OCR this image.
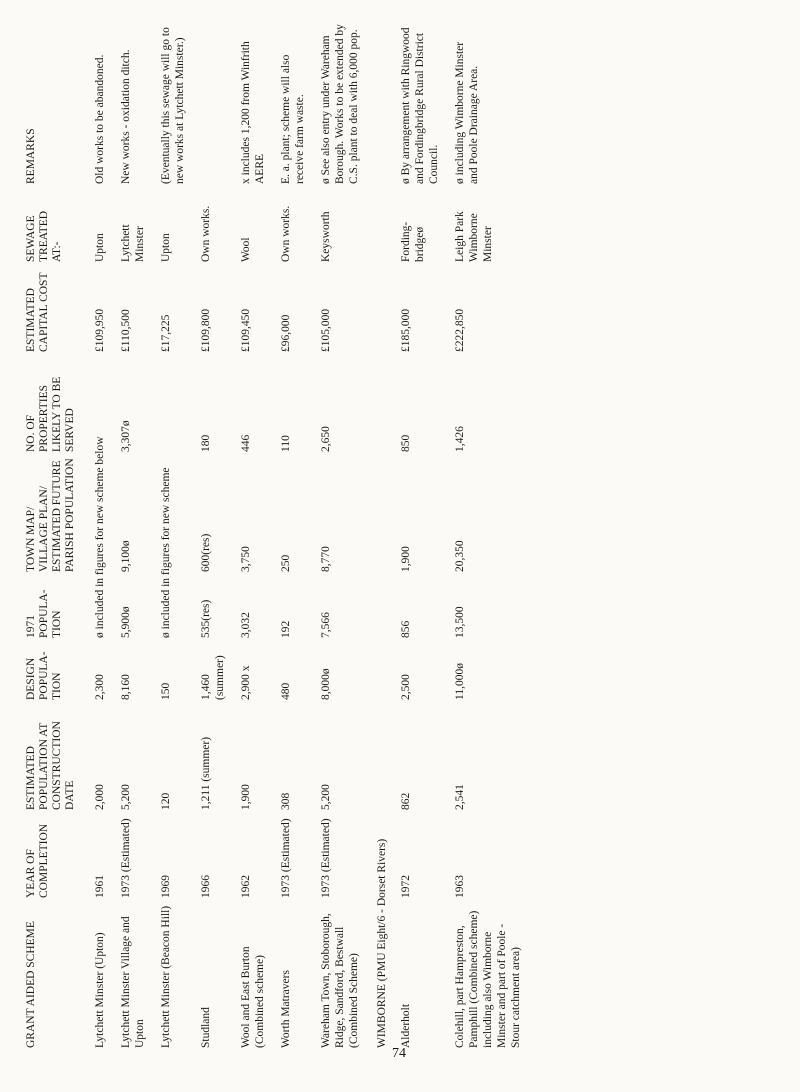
GRANT AIDED SCHEME	YEAR OF COMPLETION	ESTIMATED POPULATION AT CONSTRUCTION DATE	DESIGN POPULA-TION	1971 POPULA-TION	TOWN MAP/ VILLAGE PLAN/ ESTIMATED FUTURE PARISH POPULATION	NO. OF PROPERTIES LIKELY TO BE SERVED	ESTIMATED CAPITAL COST	SEWAGE TREATED AT:-	REMARKS
Lytchett Minster (Upton)	1961	2,000	2,300	ø included in figures for new scheme below			£109,950	Upton	Old works to be abandoned.
Lytchett Minster Village and Upton	1973 (Estimated)	5,200	8,160	5,900ø	9,100ø	3,307ø	£110,500	Lytchett Minster	New works - oxidation ditch.
Lytchett Minster (Beacon Hill)	1969	120	150	ø included in figures for new scheme			£17,225	Upton	(Eventually this sewage will go to new works at Lytchett Minster.)
Studland	1966	1,211 (summer)	1,460 (summer)	535(res)	600(res)	180	£109,800	Own works.	
Wool and East Burton (Combined scheme)	1962	1,900	2,900 x	3,032	3,750	446	£109,450	Wool	x includes 1,200 from Winfrith AERE
Worth Matravers	1973 (Estimated)	308	480	192	250	110	£96,000	Own works.	E. a. plant; scheme will also receive farm waste.
Wareham Town, Stoborough, Ridge, Sandford, Bestwall (Combined Scheme)	1973 (Estimated)	5,200	8,000ø	7,566	8,770	2,650	£105,000	Keysworth	ø See also entry under Wareham Borough. Works to be extended by C.S. plant to deal with 6,000 pop.
WIMBORNE (PMU Eight/6 - Dorset Rivers)									
Alderholt	1972	862	2,500	856	1,900	850	£185,000	Fording-bridgeø	ø By arrangement with Ringwood and Fordingbridge Rural District Council.
Colehill, part Hampreston, Pamphill (Combined scheme) including also Wimborne Minster and part of Poole - Stour catchment area)	1963	2,541	11,000ø	13,500	20,350	1,426	£222,850	Leigh Park Wimborne Minster	ø including Wimborne Minster and Poole Drainage Area.
74
